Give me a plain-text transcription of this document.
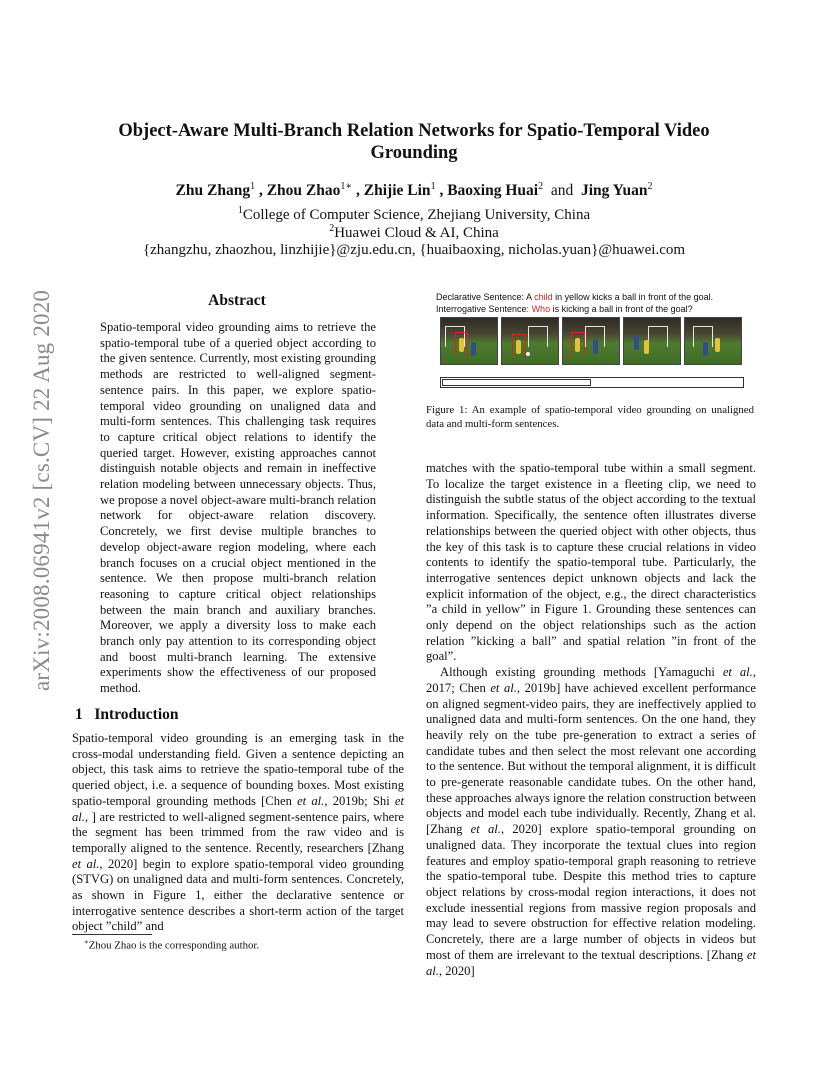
arXiv:2008.06941v2 [cs.CV] 22 Aug 2020
Object-Aware Multi-Branch Relation Networks for Spatio-Temporal Video Grounding
Zhu Zhang$^1$ , Zhou Zhao$^{1∗}$ , Zhijie Lin$^1$ , Baoxing Huai$^2$ and Jing Yuan$^2$
$^1$College of Computer Science, Zhejiang University, China
$^2$Huawei Cloud & AI, China
{zhangzhu, zhaozhou, linzhijie}@zju.edu.cn, {huaibaoxing, nicholas.yuan}@huawei.com
Abstract

Spatio-temporal video grounding aims to retrieve the spatio-temporal tube of a queried object according to the given sentence. Currently, most existing grounding methods are restricted to well-aligned segment-sentence pairs. In this paper, we explore spatio-temporal video grounding on unaligned data and multi-form sentences. This challenging task requires to capture critical object relations to identify the queried target. However, existing approaches cannot distinguish notable objects and remain in ineffective relation modeling between unnecessary objects. Thus, we propose a novel object-aware multi-branch relation network for object-aware relation discovery. Concretely, we first devise multiple branches to develop object-aware region modeling, where each branch focuses on a crucial object mentioned in the sentence. We then propose multi-branch relation reasoning to capture critical object relationships between the main branch and auxiliary branches. Moreover, we apply a diversity loss to make each branch only pay attention to its corresponding object and boost multi-branch learning. The extensive experiments show the effectiveness of our proposed method.

1 Introduction

Spatio-temporal video grounding is an emerging task in the cross-modal understanding field. Given a sentence depicting an object, this task aims to retrieve the spatio-temporal tube of the queried object, i.e. a sequence of bounding boxes. Most existing spatio-temporal grounding methods [Chen et al., 2019b; Shi et al., ] are restricted to well-aligned segment-sentence pairs, where the segment has been trimmed from the raw video and is temporally aligned to the sentence. Recently, researchers [Zhang et al., 2020] begin to explore spatio-temporal video grounding (STVG) on unaligned data and multi-form sentences. Concretely, as shown in Figure 1, either the declarative sentence or interrogative sentence describes a short-term action of the target object ”child” and

∗Zhou Zhao is the corresponding author.
Declarative Sentence: A child in yellow kicks a ball in front of the goal.
Interrogative Sentence: Who is kicking a ball in front of the goal?
Figure 1: An example of spatio-temporal video grounding on unaligned data and multi-form sentences.

matches with the spatio-temporal tube within a small segment. To localize the target existence in a fleeting clip, we need to distinguish the subtle status of the object according to the textual information. Specifically, the sentence often illustrates diverse relationships between the queried object with other objects, thus the key of this task is to capture these crucial relations in video contents to identify the spatio-temporal tube. Particularly, the interrogative sentences depict unknown objects and lack the explicit information of the object, e.g., the direct characteristics ”a child in yellow” in Figure 1. Grounding these sentences can only depend on the object relationships such as the action relation ”kicking a ball” and spatial relation ”in front of the goal”.

Although existing grounding methods [Yamaguchi et al., 2017; Chen et al., 2019b] have achieved excellent performance on aligned segment-video pairs, they are ineffectively applied to unaligned data and multi-form sentences. On the one hand, they heavily rely on the tube pre-generation to extract a series of candidate tubes and then select the most relevant one according to the sentence. But without the temporal alignment, it is difficult to pre-generate reasonable candidate tubes. On the other hand, these approaches always ignore the relation construction between objects and model each tube individually. Recently, Zhang et al. [Zhang et al., 2020] explore spatio-temporal grounding on unaligned data. They incorporate the textual clues into region features and employ spatio-temporal graph reasoning to retrieve the spatio-temporal tube. Despite this method tries to capture object relations by cross-modal region interactions, it does not exclude inessential regions from massive region proposals and may lead to severe obstruction for effective relation modeling. Concretely, there are a large number of objects in videos but most of them are irrelevant to the textual descriptions. [Zhang et al., 2020]
